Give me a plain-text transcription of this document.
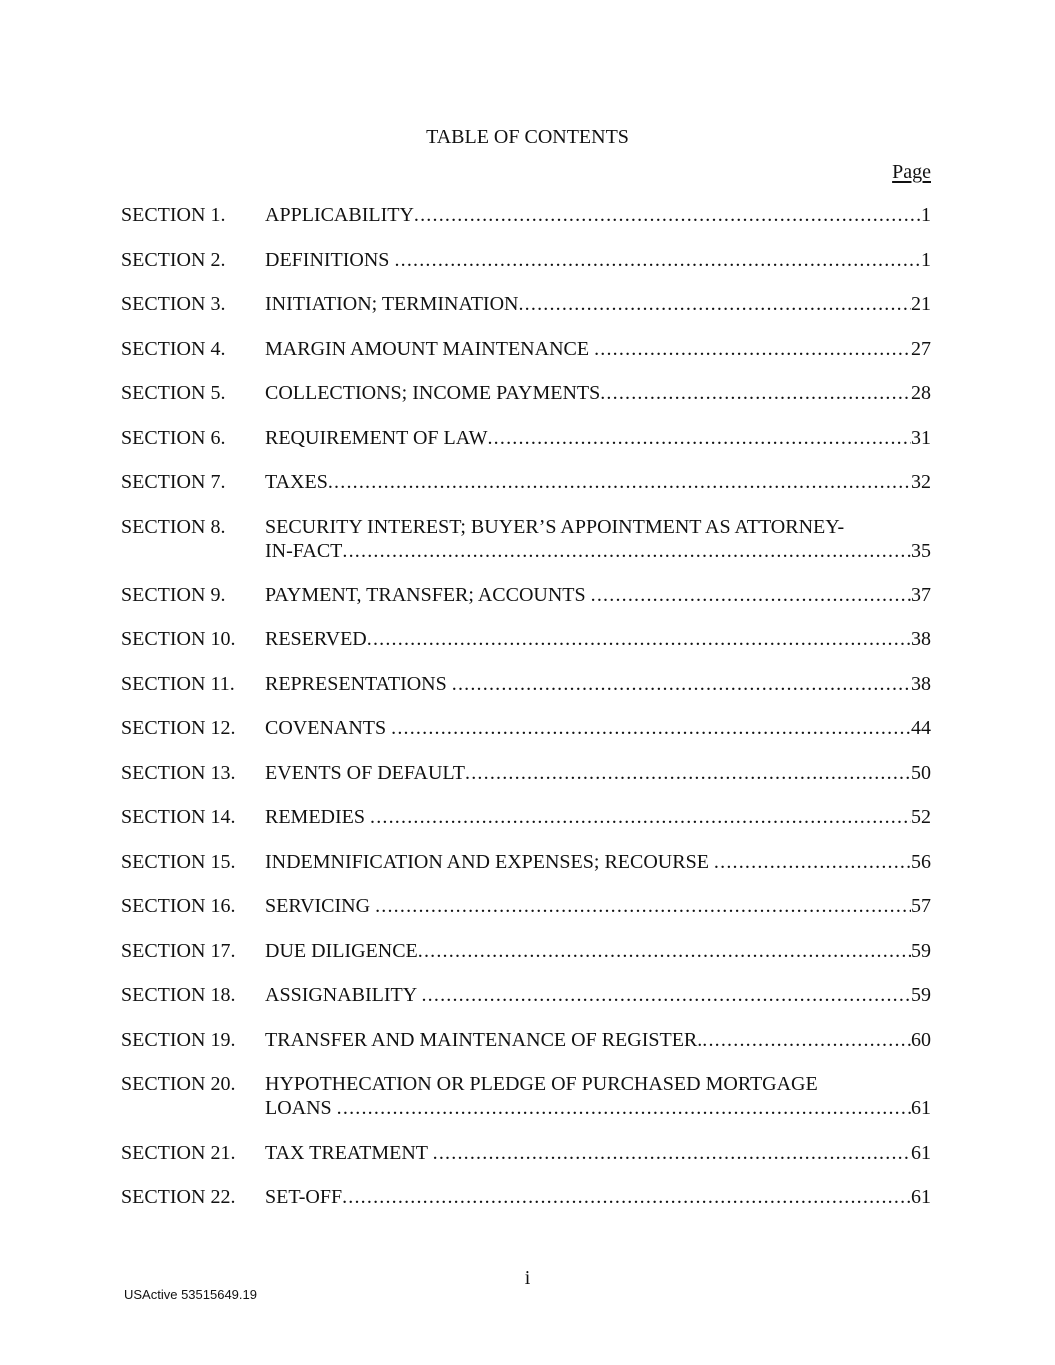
TABLE OF CONTENTS
Page
SECTION 1. APPLICABILITY .....	1
SECTION 2. DEFINITIONS .....	1
SECTION 3. INITIATION; TERMINATION .....	21
SECTION 4. MARGIN AMOUNT MAINTENANCE .....	27
SECTION 5. COLLECTIONS; INCOME PAYMENTS .....	28
SECTION 6. REQUIREMENT OF LAW .....	31
SECTION 7. TAXES .....	32
SECTION 8. SECURITY INTEREST; BUYER’S APPOINTMENT AS ATTORNEY-
IN-FACT .....	35
SECTION 9. PAYMENT, TRANSFER; ACCOUNTS .....	37
SECTION 10. RESERVED .....	38
SECTION 11. REPRESENTATIONS .....	38
SECTION 12. COVENANTS .....	44
SECTION 13. EVENTS OF DEFAULT .....	50
SECTION 14. REMEDIES .....	52
SECTION 15. INDEMNIFICATION AND EXPENSES; RECOURSE .....	56
SECTION 16. SERVICING .....	57
SECTION 17. DUE DILIGENCE .....	59
SECTION 18. ASSIGNABILITY .....	59
SECTION 19. TRANSFER AND MAINTENANCE OF REGISTER. .....	60
SECTION 20. HYPOTHECATION OR PLEDGE OF PURCHASED MORTGAGE
LOANS .....	61
SECTION 21. TAX TREATMENT .....	61
SECTION 22. SET-OFF .....	61
i
USActive 53515649.19
